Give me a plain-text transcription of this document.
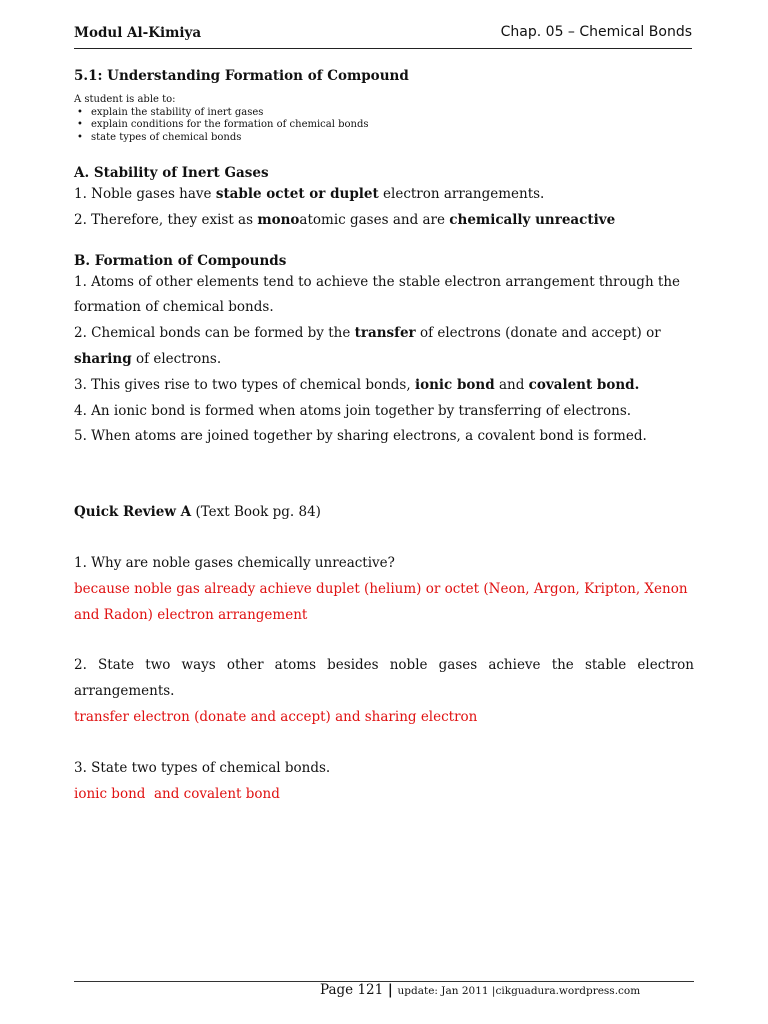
Modul Al-Kimiya	Chap. 05 – Chemical Bonds
5.1: Understanding Formation of Compound
A student is able to:
• explain the stability of inert gases
• explain conditions for the formation of chemical bonds
• state types of chemical bonds
A. Stability of Inert Gases
1. Noble gases have stable octet or duplet electron arrangements.
2. Therefore, they exist as monoatomic gases and are chemically unreactive
B. Formation of Compounds
1. Atoms of other elements tend to achieve the stable electron arrangement through the formation of chemical bonds.
2. Chemical bonds can be formed by the transfer of electrons (donate and accept) or sharing of electrons.
3. This gives rise to two types of chemical bonds, ionic bond and covalent bond.
4. An ionic bond is formed when atoms join together by transferring of electrons.
5. When atoms are joined together by sharing electrons, a covalent bond is formed.
Quick Review A (Text Book pg. 84)
1. Why are noble gases chemically unreactive?
because noble gas already achieve duplet (helium) or octet (Neon, Argon, Kripton, Xenon and Radon) electron arrangement
2. State two ways other atoms besides noble gases achieve the stable electron arrangements.
transfer electron (donate and accept) and sharing electron
3. State two types of chemical bonds.
ionic bond  and covalent bond
Page 121 | update: Jan 2011 |cikguadura.wordpress.com
